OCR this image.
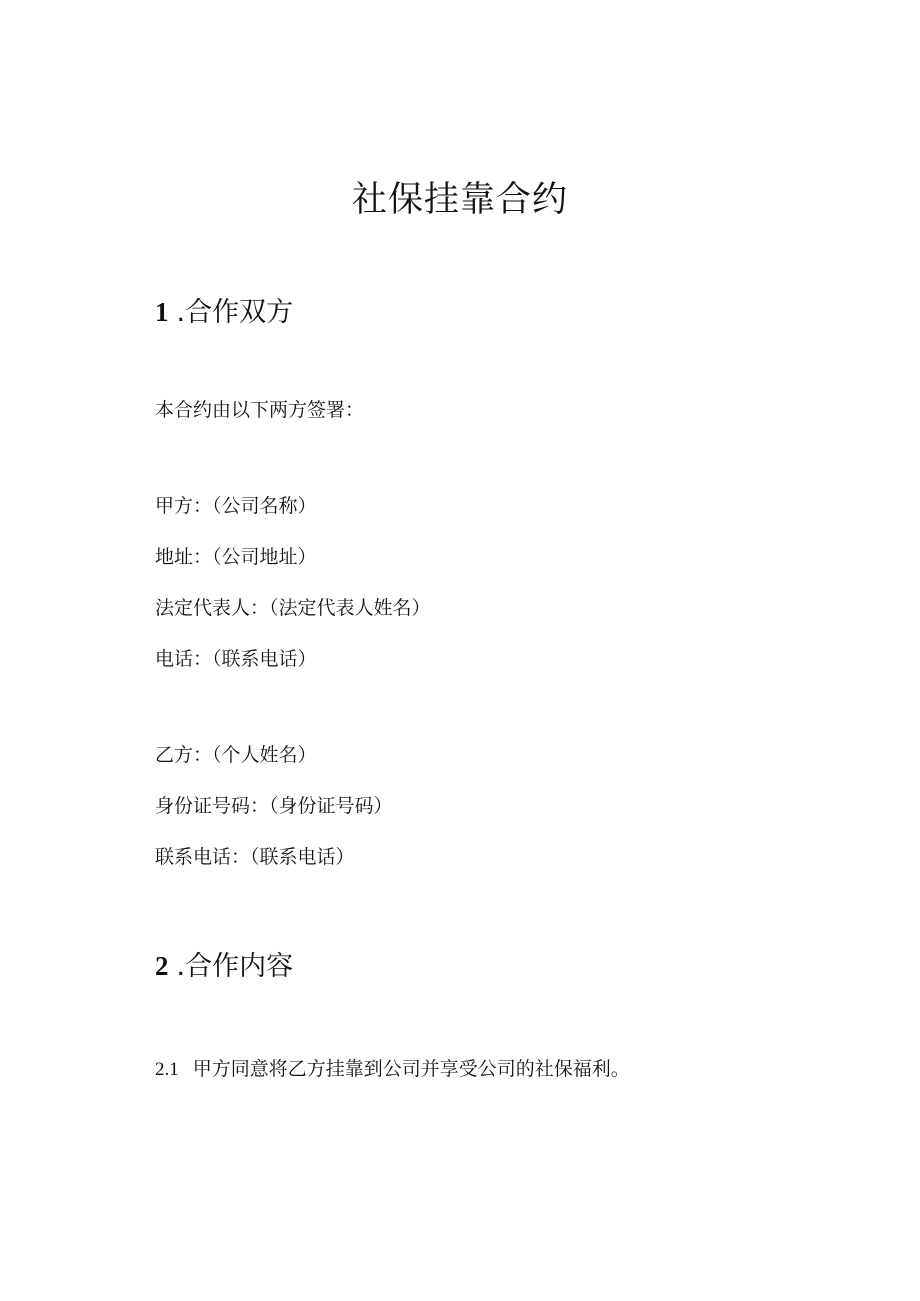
社保挂靠合约
1 .合作双方

本合约由以下两方签署：

甲方：（公司名称）

地址：（公司地址）

法定代表人：（法定代表人姓名）

电话：（联系电话）

乙方：（个人姓名）

身份证号码：（身份证号码）

联系电话：（联系电话）

2 .合作内容

2.1 甲方同意将乙方挂靠到公司并享受公司的社保福利。
